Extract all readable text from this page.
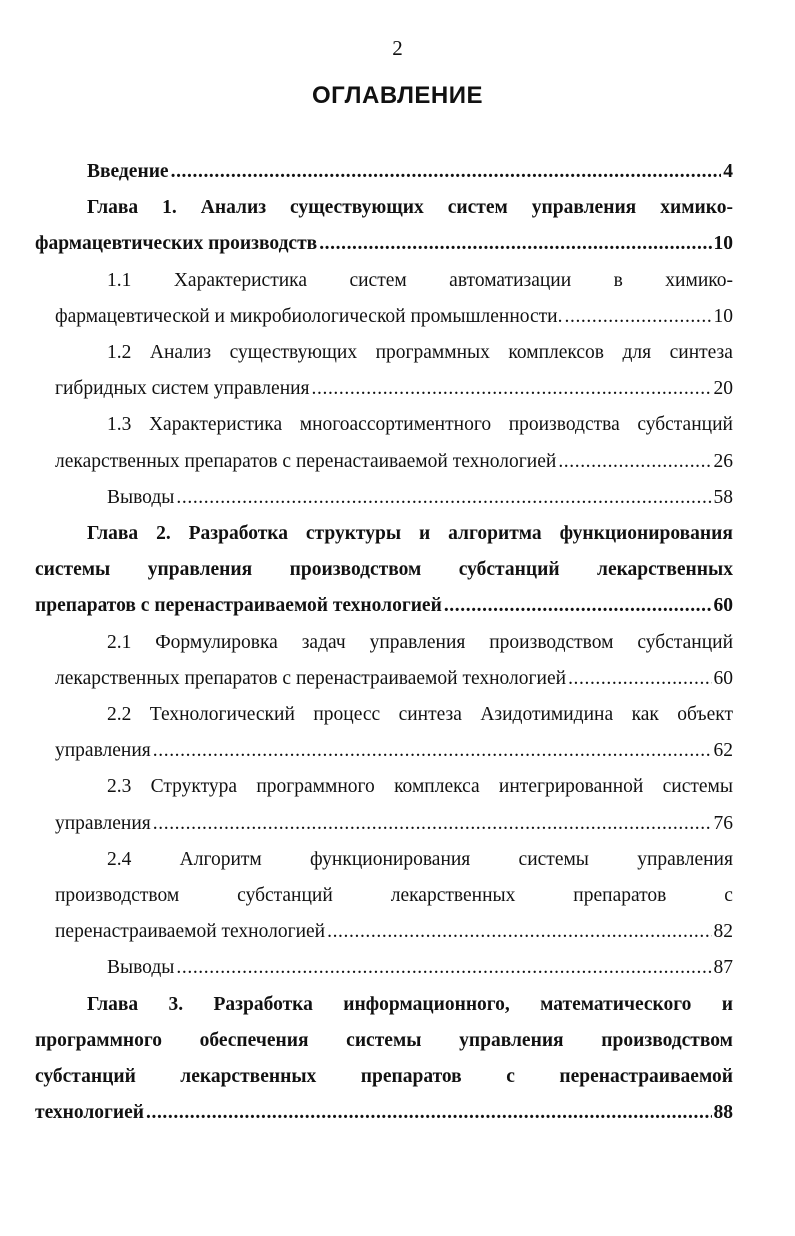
2
ОГЛАВЛЕНИЕ
Введение .....	4
Глава 1. Анализ существующих систем управления химико-
фармацевтических производств .....	10
1.1 Характеристика систем автоматизации в химико-
фармацевтической и микробиологической промышленности. .....	10
1.2 Анализ существующих программных комплексов для синтеза
гибридных систем управления .....	20
1.3 Характеристика многоассортиментного производства субстанций
лекарственных препаратов с перенастаиваемой технологией .....	26
Выводы .....	58
Глава 2. Разработка структуры и алгоритма функционирования
системы управления производством субстанций лекарственных
препаратов с перенастраиваемой технологией .....	60
2.1 Формулировка задач управления производством субстанций
лекарственных препаратов с перенастраиваемой технологией .....	60
2.2 Технологический процесс синтеза Азидотимидина как объект
управления .....	62
2.3 Структура программного комплекса интегрированной системы
управления .....	76
2.4 Алгоритм функционирования системы управления
производством	субстанций	лекарственных	препаратов	с
перенастраиваемой технологией .....	82
Выводы .....	87
Глава 3. Разработка информационного, математического и
программного обеспечения системы управления производством
субстанций лекарственных препаратов с перенастраиваемой
технологией .....	88
